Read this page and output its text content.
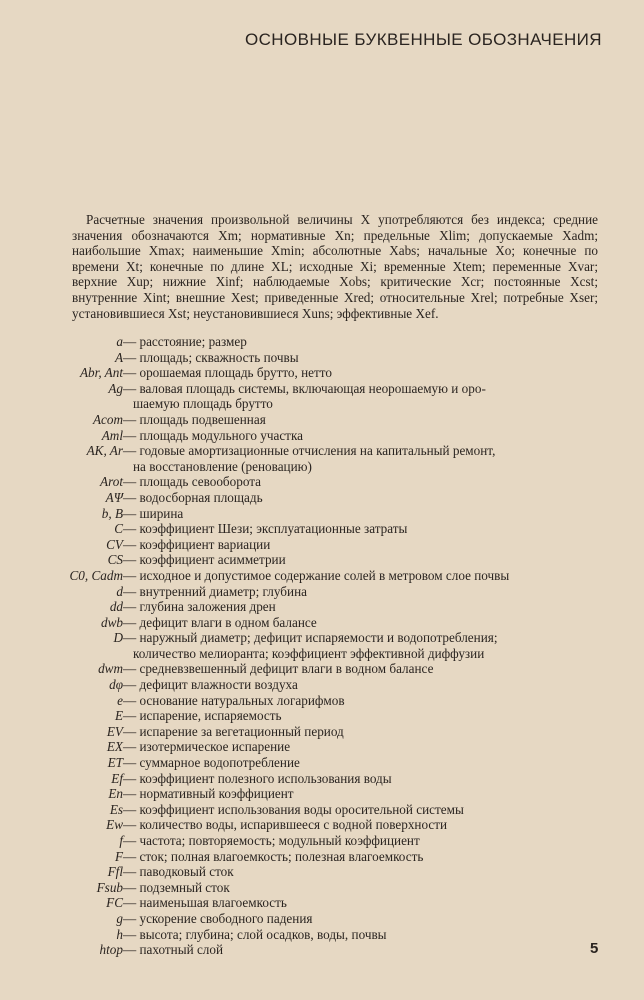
ОСНОВНЫЕ БУКВЕННЫЕ ОБОЗНАЧЕНИЯ
Расчетные значения произвольной величины X употребляются без индекса; средние значения обозначаются Xm; нормативные Xn; предельные Xlim; допускаемые Xadm; наибольшие Xmax; наименьшие Xmin; абсолютные Xabs; начальные Xo; конечные по времени Xt; конечные по длине XL; исходные Xi; временные Xtem; переменные Xvar; верхние Xup; нижние Xinf; наблюдаемые Xobs; критические Xcr; постоянные Xcst; внутренние Xint; внешние Xest; приведенные Xred; относительные Xrel; потребные Xser; установившиеся Xst; неустановившиеся Xuns; эффективные Xef.
a	— расстояние; размер
A	— площадь; скважность почвы
Abr, Ant	— орошаемая площадь брутто, нетто
Ag	— валовая площадь системы, включающая неорошаемую и оро-
шаемую площадь брутто
Acom	— площадь подвешенная
Aml	— площадь модульного участка
AK, Ar	— годовые амортизационные отчисления на капитальный ремонт,
на восстановление (реновацию)
Arot	— площадь севооборота
AΨ	— водосборная площадь
b, B	— ширина
C	— коэффициент Шези; эксплуатационные затраты
CV	— коэффициент вариации
CS	— коэффициент асимметрии
C0, Cadm	— исходное и допустимое содержание солей в метровом слое почвы
d	— внутренний диаметр; глубина
dd	— глубина заложения дрен
dwb	— дефицит влаги в одном балансе
D	— наружный диаметр; дефицит испаряемости и водопотребления;
количество мелиоранта; коэффициент эффективной диффузии
dwm	— средневзвешенный дефицит влаги в водном балансе
dφ	— дефицит влажности воздуха
e	— основание натуральных логарифмов
E	— испарение, испаряемость
EV	— испарение за вегетационный период
EX	— изотермическое испарение
ET	— суммарное водопотребление
Ef	— коэффициент полезного использования воды
En	— нормативный коэффициент
Es	— коэффициент использования воды оросительной системы
Ew	— количество воды, испарившееся с водной поверхности
f	— частота; повторяемость; модульный коэффициент
F	— сток; полная влагоемкость; полезная влагоемкость
Ffl	— паводковый сток
Fsub	— подземный сток
FC	— наименьшая влагоемкость
g	— ускорение свободного падения
h	— высота; глубина; слой осадков, воды, почвы
htop	— пахотный слой	5
